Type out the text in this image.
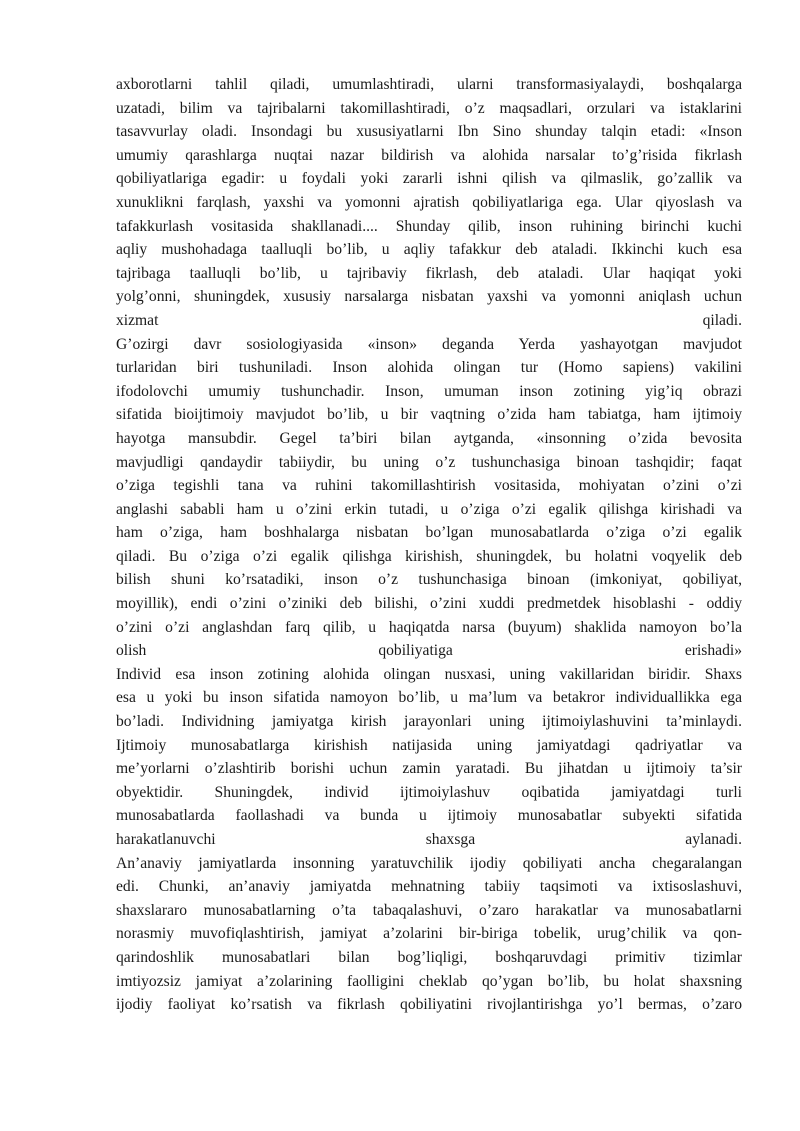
axborotlarni tahlil qiladi, umumlashtiradi, ularni transformasiyalaydi, boshqalarga
uzatadi, bilim va tajribalarni takomillashtiradi, o’z maqsadlari, orzulari va istaklarini
tasavvurlay oladi. Insondagi bu xususiyatlarni Ibn Sino shunday talqin etadi: «Inson
umumiy qarashlarga nuqtai nazar bildirish va alohida narsalar to’g’risida fikrlash
qobiliyatlariga egadir: u foydali yoki zararli ishni qilish va qilmaslik, go’zallik va
xunuklikni farqlash, yaxshi va yomonni ajratish qobiliyatlariga ega. Ular qiyoslash va
tafakkurlash vositasida shakllanadi.... Shunday qilib, inson ruhining birinchi kuchi
aqliy mushohadaga taalluqli bo’lib, u aqliy tafakkur deb ataladi. Ikkinchi kuch esa
tajribaga taalluqli bo’lib, u tajribaviy fikrlash, deb ataladi. Ular haqiqat yoki
yolg’onni, shuningdek, xususiy narsalarga nisbatan yaxshi va yomonni aniqlash uchun
xizmat qiladi.
G’ozirgi davr sosiologiyasida «inson» deganda Yerda yashayotgan mavjudot
turlaridan biri tushuniladi. Inson alohida olingan tur (Homo sapiens) vakilini
ifodolovchi umumiy tushunchadir. Inson, umuman inson zotining yig’iq obrazi
sifatida bioijtimoiy mavjudot bo’lib, u bir vaqtning o’zida ham tabiatga, ham ijtimoiy
hayotga mansubdir. Gegel ta’biri bilan aytganda, «insonning o’zida bevosita
mavjudligi qandaydir tabiiydir, bu uning o’z tushunchasiga binoan tashqidir; faqat
o’ziga tegishli tana va ruhini takomillashtirish vositasida, mohiyatan o’zini o’zi
anglashi sababli ham u o’zini erkin tutadi, u o’ziga o’zi egalik qilishga kirishadi va
ham o’ziga, ham boshhalarga nisbatan bo’lgan munosabatlarda o’ziga o’zi egalik
qiladi. Bu o’ziga o’zi egalik qilishga kirishish, shuningdek, bu holatni voqyelik deb
bilish shuni ko’rsatadiki, inson o’z tushunchasiga binoan (imkoniyat, qobiliyat,
moyillik), endi o’zini o’ziniki deb bilishi, o’zini xuddi predmetdek hisoblashi - oddiy
o’zini o’zi anglashdan farq qilib, u haqiqatda narsa (buyum) shaklida namoyon bo’la
olish qobiliyatiga erishadi»
Individ esa inson zotining alohida olingan nusxasi, uning vakillaridan biridir. Shaxs
esa u yoki bu inson sifatida namoyon bo’lib, u ma’lum va betakror individuallikka ega
bo’ladi. Individning jamiyatga kirish jarayonlari uning ijtimoiylashuvini ta’minlaydi.
Ijtimoiy munosabatlarga kirishish natijasida uning jamiyatdagi qadriyatlar va
me’yorlarni o’zlashtirib borishi uchun zamin yaratadi. Bu jihatdan u ijtimoiy ta’sir
obyektidir. Shuningdek, individ ijtimoiylashuv oqibatida jamiyatdagi turli
munosabatlarda faollashadi va bunda u ijtimoiy munosabatlar subyekti sifatida
harakatlanuvchi shaxsga aylanadi.
An’anaviy jamiyatlarda insonning yaratuvchilik ijodiy qobiliyati ancha chegaralangan
edi. Chunki, an’anaviy jamiyatda mehnatning tabiiy taqsimoti va ixtisoslashuvi,
shaxslararo munosabatlarning o’ta tabaqalashuvi, o’zaro harakatlar va munosabatlarni
norasmiy muvofiqlashtirish, jamiyat a’zolarini bir-biriga tobelik, urug’chilik va qon-
qarindoshlik munosabatlari bilan bog’liqligi, boshqaruvdagi primitiv tizimlar
imtiyozsiz jamiyat a’zolarining faolligini cheklab qo’ygan bo’lib, bu holat shaxsning
ijodiy faoliyat ko’rsatish va fikrlash qobiliyatini rivojlantirishga yo’l bermas, o’zaro
